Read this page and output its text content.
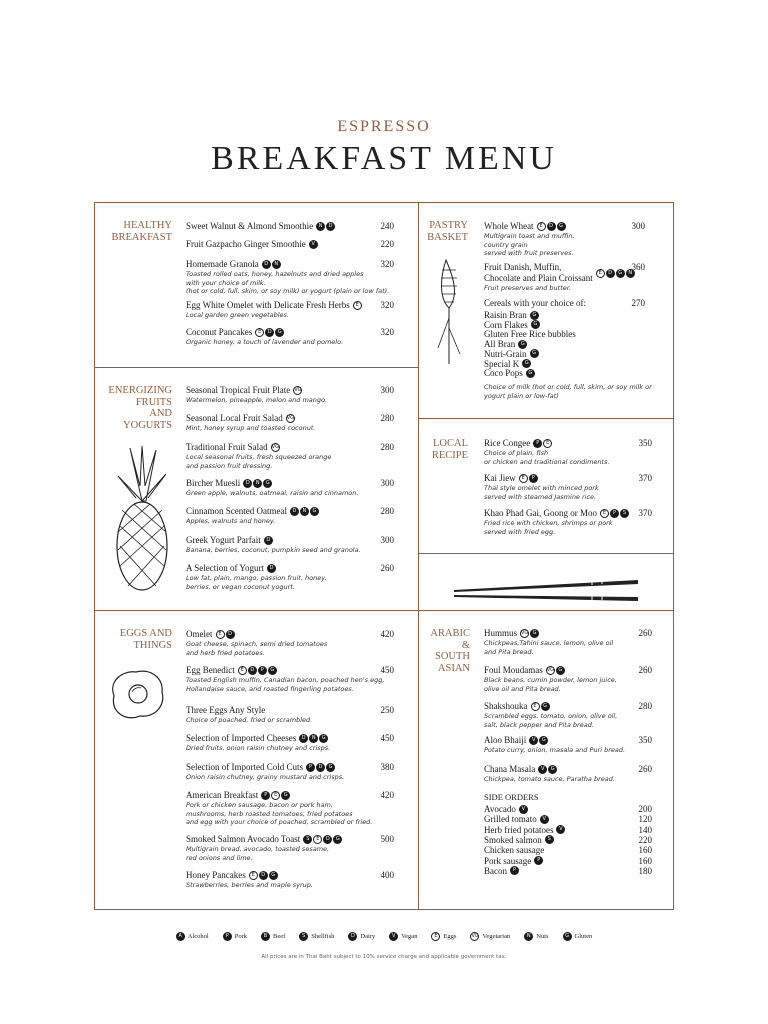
ESPRESSO
BREAKFAST MENU
HEALTHY
BREAKFAST
ENERGIZING
FRUITS
AND
YOGURTS
EGGS AND
THINGS
PASTRY
BASKET
LOCAL
RECIPE
ARABIC &
SOUTH
ASIAN
Sweet Walnut & Almond Smoothie	N	D	240
Fruit Gazpacho Ginger Smoothie	V	220
Homemade Granola	D	N
Toasted rolled oats, honey, hazelnuts and dried apples
with your choice of milk.
(hot or cold, full, skim, or soy milk) or yogurt (plain or low fat).
320
Egg White Omelet with Delicate Fresh Herbs	E
Local garden green vegetables.
320
Coconut Pancakes	E	D	G
Organic honey, a touch of lavender and pomelo.
320
Seasonal Tropical Fruit Plate VG
Watermelon, pineapple, melon and mango.
300
Seasonal Local Fruit Salad VG
Mint, honey syrup and toasted coconut.
280
Traditional Fruit Salad VG
Local seasonal fruits, fresh squeezed orange
and passion fruit dressing.
280
Bircher Muesli	D	N	G
Green apple, walnuts, oatmeal, raisin and cinnamon.
300
Cinnamon Scented Oatmeal	D	N	G
Apples, walnuts and honey.
280
Greek Yogurt Parfait	D
Banana, berries, coconut, pumpkin seed and granola.
300
A Selection of Yogurt	D
Low fat, plain, mango, passion fruit, honey,
berries, or vegan coconut yogurt.
260
Omelet	E	D
Goat cheese, spinach, semi dried tomatoes
and herb fried potatoes.
420
Egg Benedict	E	D	P	G
Toasted English muffin, Canadian bacon, poached hen's egg,
Hollandaise sauce, and roasted fingerling potatoes.
450
Three Eggs Any Style
Choice of poached, fried or scrambled.
250
Selection of Imported Cheeses	D	N	G
Dried fruits, onion raisin chutney and crisps.
450
Selection of Imported Cold Cuts	P	D	G
Onion raisin chutney, grainy mustard and crisps.
380
American Breakfast	P	E	G
Pork or chicken sausage, bacon or pork ham,
mushrooms, herb roasted tomatoes, fried potatoes
and egg with your choice of poached, scrambled or fried.
420
Smoked Salmon Avocado Toast	S	E	D	G
Multigrain bread, avocado, toasted sesame,
red onions and lime.
500
Honey Pancakes	E	D	G
Strawberries, berries and maple syrup.
400
Whole Wheat	E	D	G
Multigrain toast and muffin,
country grain
served with fruit preserves.
300
Fruit Danish, Muffin,
Chocolate and Plain Croissant
E	D	G	N
Fruit preserves and butter.
360
Rice Congee	P	E
Choice of plain, fish
or chicken and traditional condiments.
350
Kai Jiew	E	P
Thai style omelet with minced pork
served with steamed Jasmine rice.
370
Khao Phad Gai, Goong or Moo	E	P	S
Fried rice with chicken, shrimps or pork
served with fried egg.
370
Hummus VG G
Chickpeas,Tahini sauce, lemon, olive oil
and Pita bread.
260
Foul Moudamas VG G
Black beans, cumin powder, lemon juice,
olive oil and Pita bread.
260
Shakshouka	E	G
Scrambled eggs, tomato, onion, olive oil,
salt, black pepper and Pita bread.
280
Aloo Bhaiji	V	G
Potato curry, onion, masala and Puri bread.
350
Chana Masala	V	G
Chickpea, tomato sauce, Paratha bread.
260
Cereals with your choice of:	270
Raisin Bran	G
Corn Flakes	G
Gluten Free Rice bubbles
All Bran	G
Nutri-Grain	G
Special K	G
Coco Pops	G
Choice of milk (hot or cold, full, skim, or soy milk or
yogurt plain or low-fat)
SIDE ORDERS
Avocado	V	200
Grilled tomato	V	120
Herb fried potatoes	V	140
Smoked salmon	S	220
Chicken sausage	160
Pork sausage	P	160
Bacon	P	180
A Alcohol	P Pork	B Beef	S Shellfish	D Dairy	V Vegan	E Eggs	VG Vegetarian	N Nuts	G Gluten
All prices are in Thai Baht subject to 10% service charge and applicable government tax.
